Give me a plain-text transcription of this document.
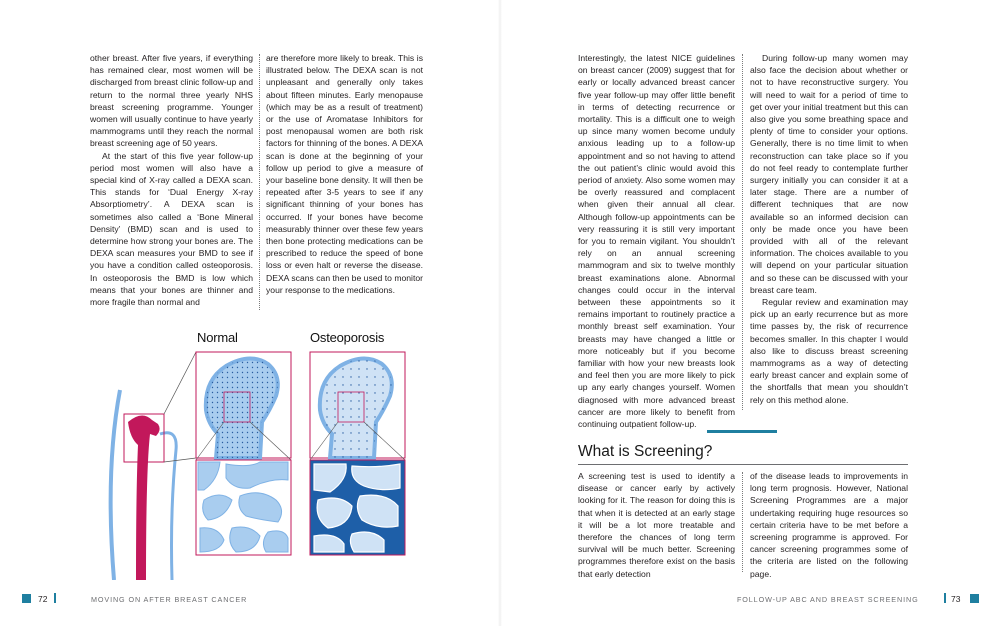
other breast. After five years, if everything has remained clear, most women will be discharged from breast clinic follow-up and return to the normal three yearly NHS breast screening programme. Younger women will usually continue to have yearly mammograms until they reach the normal breast screening age of 50 years.

At the start of this five year follow-up period most women will also have a special kind of X-ray called a DEXA scan. This stands for ‘Dual Energy X-ray Absorptiometry’. A DEXA scan is sometimes also called a ‘Bone Mineral Density’ (BMD) scan and is used to determine how strong your bones are. The DEXA scan measures your BMD to see if you have a condition called osteoporosis. In osteoporosis the BMD is low which means that your bones are thinner and more fragile than normal and

are therefore more likely to break. This is illustrated below. The DEXA scan is not unpleasant and generally only takes about fifteen minutes. Early menopause (which may be as a result of treatment) or the use of Aromatase Inhibitors for post menopausal women are both risk factors for thinning of the bones. A DEXA scan is done at the beginning of your follow up period to give a measure of your baseline bone density. It will then be repeated after 3-5 years to see if any significant thinning of your bones has occurred. If your bones have become measurably thinner over these few years then bone protecting medications can be prescribed to reduce the speed of bone loss or even halt or reverse the disease. DEXA scans can then be used to monitor your response to the medications.

Normal	Osteoporosis
72	MOVING ON AFTER BREAST CANCER

Interestingly, the latest NICE guidelines on breast cancer (2009) suggest that for early or locally advanced breast cancer five year follow-up may offer little benefit in terms of detecting recurrence or mortality. This is a difficult one to weigh up since many women become unduly anxious leading up to a follow-up appointment and so not having to attend the out patient’s clinic would avoid this period of anxiety. Also some women may be overly reassured and complacent when given their annual all clear. Although follow-up appointments can be very reassuring it is still very important for you to remain vigilant. You shouldn’t rely on an annual screening mammogram and six to twelve monthly breast examinations alone. Abnormal changes could occur in the interval between these appointments so it remains important to routinely practice a monthly breast self examination. Your breasts may have changed a little or more noticeably but if you become familiar with how your new breasts look and feel then you are more likely to pick up any early changes yourself. Women diagnosed with more advanced breast cancer are more likely to benefit from continuing outpatient follow-up.

During follow-up many women may also face the decision about whether or not to have reconstructive surgery. You will need to wait for a period of time to get over your initial treatment but this can also give you some breathing space and plenty of time to consider your options. Generally, there is no time limit to when reconstruction can take place so if you do not feel ready to contemplate further surgery initially you can consider it at a later stage. There are a number of different techniques that are now available so an informed decision can only be made once you have been provided with all of the relevant information. The choices available to you will depend on your particular situation and so these can be discussed with your breast care team.

Regular review and examination may pick up an early recurrence but as more time passes by, the risk of recurrence becomes smaller. In this chapter I would also like to discuss breast screening mammograms as a way of detecting early breast cancer and explain some of the shortfalls that mean you shouldn’t rely on this method alone.

What is Screening?

A screening test is used to identify a disease or cancer early by actively looking for it. The reason for doing this is that when it is detected at an early stage it will be a lot more treatable and therefore the chances of long term survival will be much better. Screening programmes therefore exist on the basis that early detection

of the disease leads to improvements in long term prognosis. However, National Screening Programmes are a major undertaking requiring huge resources so certain criteria have to be met before a screening programme is approved. For cancer screening programmes some of the criteria are listed on the following page.

FOLLOW-UP ABC AND BREAST SCREENING	73
